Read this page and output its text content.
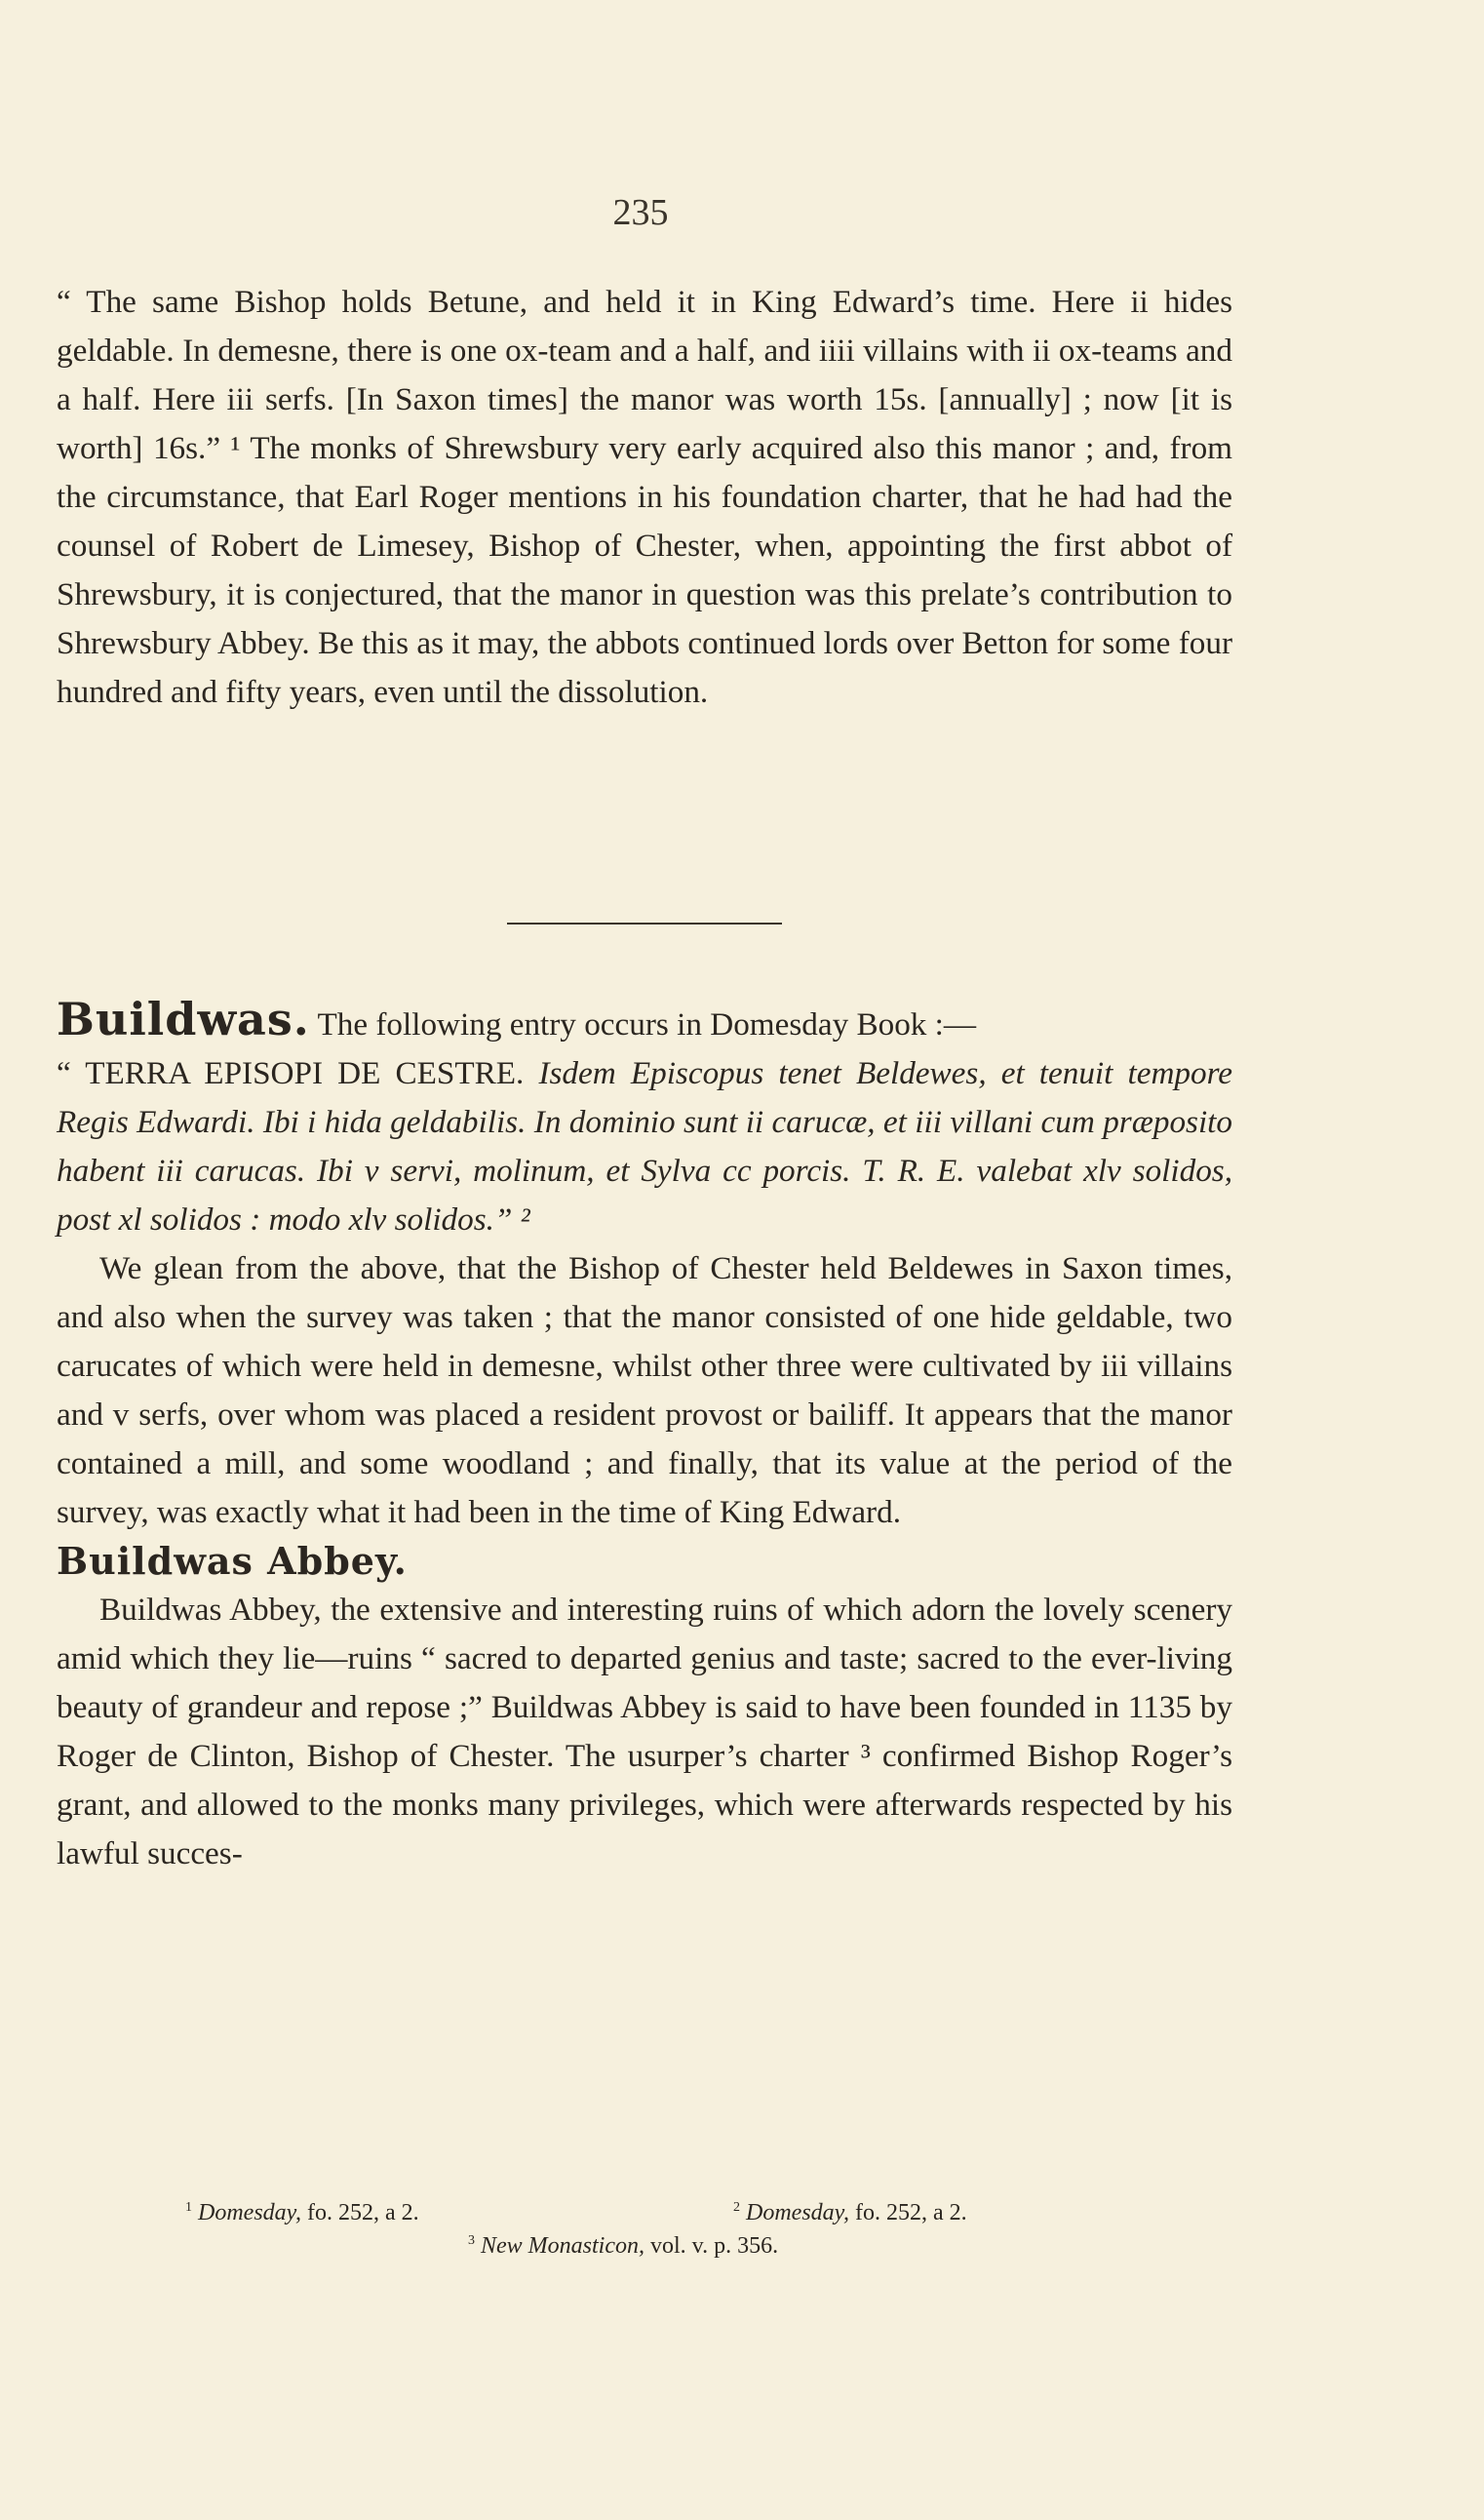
235

“ The same Bishop holds Betune, and held it in King Edward’s time. Here ii hides geldable. In demesne, there is one ox-team and a half, and iiii villains with ii ox-teams and a half. Here iii serfs. [In Saxon times] the manor was worth 15s. [annually] ; now [it is worth] 16s.” ¹ The monks of Shrewsbury very early acquired also this manor ; and, from the circumstance, that Earl Roger mentions in his foundation charter, that he had had the counsel of Robert de Limesey, Bishop of Chester, when, appointing the first abbot of Shrewsbury, it is conjectured, that the manor in question was this prelate’s contribution to Shrewsbury Abbey. Be this as it may, the abbots continued lords over Betton for some four hundred and fifty years, even until the dissolution.

Buildwas. The following entry occurs in Domesday Book :—
“ TERRA EPISOPI DE CESTRE. Isdem Episcopus tenet Beldewes, et tenuit tempore Regis Edwardi. Ibi i hida geldabilis. In dominio sunt ii carucæ, et iii villani cum præposito habent iii carucas. Ibi v servi, molinum, et Sylva cc porcis. T. R. E. valebat xlv solidos, post xl solidos : modo xlv solidos.” ²

We glean from the above, that the Bishop of Chester held Beldewes in Saxon times, and also when the survey was taken ; that the manor consisted of one hide geldable, two carucates of which were held in demesne, whilst other three were cultivated by iii villains and v serfs, over whom was placed a resident provost or bailiff. It appears that the manor contained a mill, and some woodland ; and finally, that its value at the period of the survey, was exactly what it had been in the time of King Edward.

Buildwas Abbey.

Buildwas Abbey, the extensive and interesting ruins of which adorn the lovely scenery amid which they lie—ruins “ sacred to departed genius and taste; sacred to the ever-living beauty of grandeur and repose ;” Buildwas Abbey is said to have been founded in 1135 by Roger de Clinton, Bishop of Chester. The usurper’s charter ³ confirmed Bishop Roger’s grant, and allowed to the monks many privileges, which were afterwards respected by his lawful succes-

$^1$ Domesday, fo. 252, a 2.	$^2$ Domesday, fo. 252, a 2.
$^3$ New Monasticon, vol. v. p. 356.
